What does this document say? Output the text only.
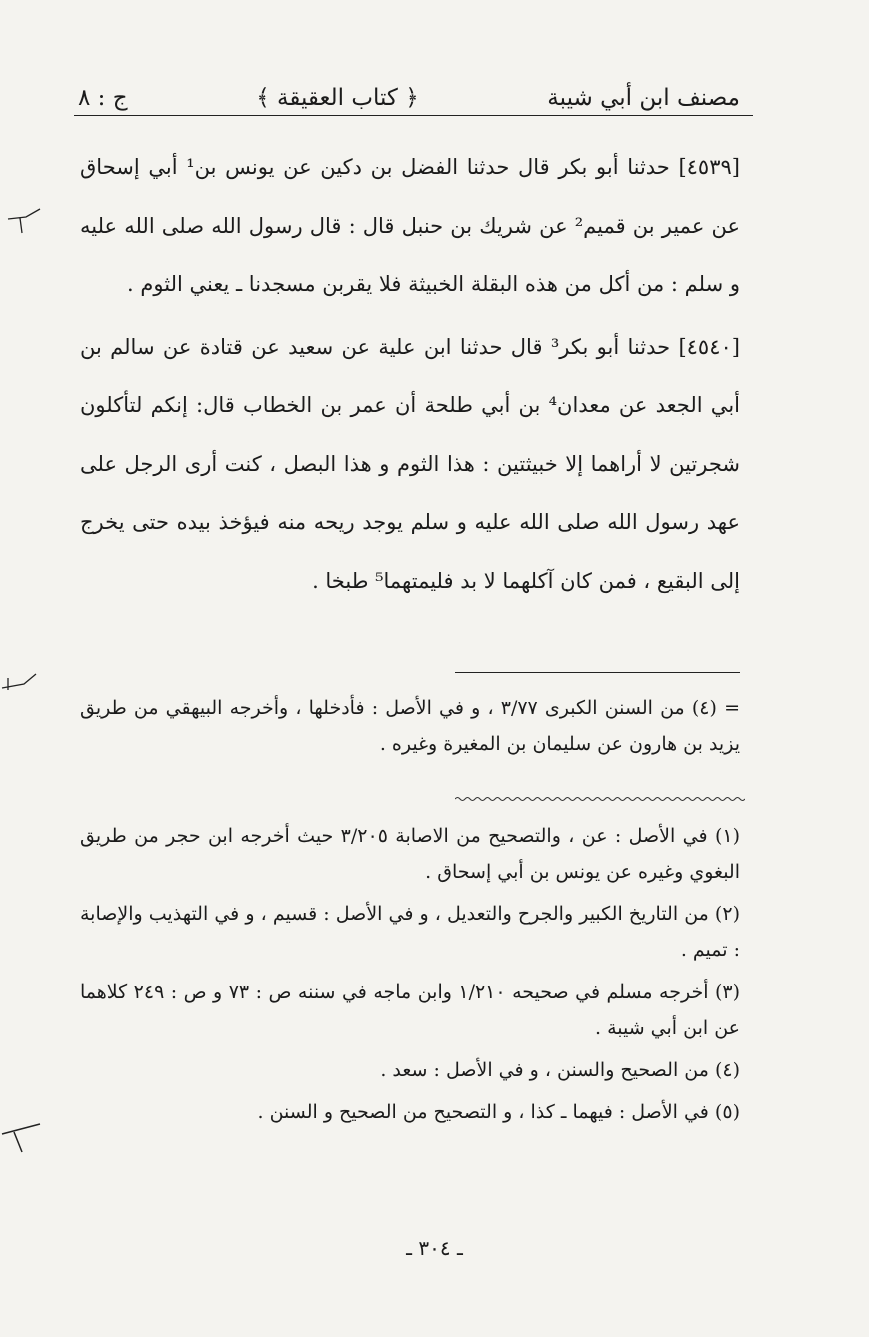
مصنف ابن أبي شيبة
﴿ كتاب العقيقة ﴾
ج : ٨

[٤٥٣٩] حدثنا أبو بكر قال حدثنا الفضل بن دكين عن يونس بن¹ أبي إسحاق عن عمير بن قميم² عن شريك بن حنبل قال : قال رسول الله صلى الله عليه و سلم : من أكل من هذه البقلة الخبيثة فلا يقربن مسجدنا ـ يعني الثوم .

[٤٥٤٠] حدثنا أبو بكر³ قال حدثنا ابن علية عن سعيد عن قتادة عن سالم بن أبي الجعد عن معدان⁴ بن أبي طلحة أن عمر بن الخطاب قال: إنكم لتأكلون شجرتين لا أراهما إلا خبيثتين : هذا الثوم و هذا البصل ، كنت أرى الرجل على عهد رسول الله صلى الله عليه و سلم يوجد ريحه منه فيؤخذ بيده حتى يخرج إلى البقيع ، فمن كان آكلهما لا بد فليمتهما⁵ طبخا .

= (٤) من السنن الكبرى ٣/٧٧ ، و في الأصل : فأدخلها ، وأخرجه البيهقي من طريق يزيد بن هارون عن سليمان بن المغيرة وغيره .

(١) في الأصل : عن ، والتصحيح من الاصابة ٣/٢٠٥ حيث أخرجه ابن حجر من طريق البغوي وغيره عن يونس بن أبي إسحاق .

(٢) من التاريخ الكبير والجرح والتعديل ، و في الأصل : قسيم ، و في التهذيب والإصابة : تميم .

(٣) أخرجه مسلم في صحيحه ١/٢١٠ وابن ماجه في سننه ص : ٧٣ و ص : ٢٤٩ كلاهما عن ابن أبي شيبة .

(٤) من الصحيح والسنن ، و في الأصل : سعد .

(٥) في الأصل : فيهما ـ كذا ، و التصحيح من الصحيح و السنن .

ـ ٣٠٤ ـ
